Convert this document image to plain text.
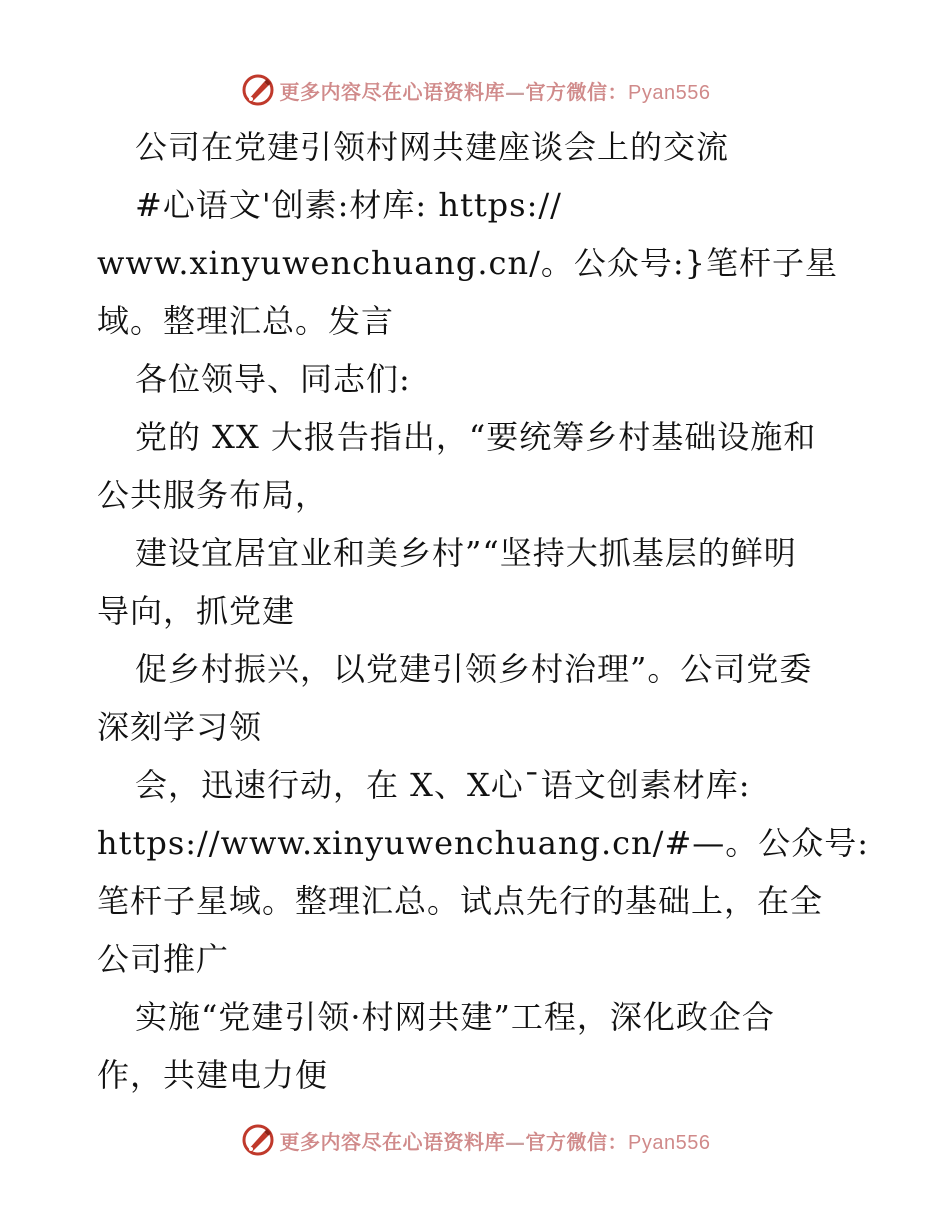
更多内容尽在心语资料库—官方微信：Pyan556
公司在党建引领村网共建座谈会上的交流
#心语文'创素:材库: https://
www.xinyuwenchuang.cn/。公众号:}笔杆子星
域。整理汇总。发言
各位领导、同志们:
党的 XX 大报告指出，“要统筹乡村基础设施和
公共服务布局，
建设宜居宜业和美乡村”“坚持大抓基层的鲜明
导向，抓党建
促乡村振兴，以党建引领乡村治理”。公司党委
深刻学习领
会，迅速行动，在 X、X心¯语文创素材库:
https://www.xinyuwenchuang.cn/#—。公众号:
笔杆子星域。整理汇总。试点先行的基础上，在全
公司推广
实施“党建引领·村网共建”工程，深化政企合
作，共建电力便
更多内容尽在心语资料库—官方微信：Pyan556
